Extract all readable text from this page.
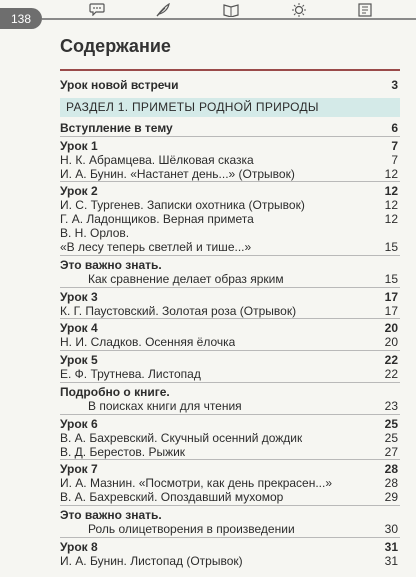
138
Содержание
Урок новой встречи	3
РАЗДЕЛ 1. ПРИМЕТЫ РОДНОЙ ПРИРОДЫ
Вступление в тему	6
Урок 1	7
Н. К. Абрамцева. Шёлковая сказка	7
И. А. Бунин. «Настанет день...» (Отрывок)	12
Урок 2	12
И. С. Тургенев. Записки охотника (Отрывок)	12
Г. А. Ладонщиков. Верная примета	12
В. Н. Орлов.
«В лесу теперь светлей и тише...»	15
Это важно знать.
Как сравнение делает образ ярким	15
Урок 3	17
К. Г. Паустовский. Золотая роза (Отрывок)	17
Урок 4	20
Н. И. Сладков. Осенняя ёлочка	20
Урок 5	22
Е. Ф. Трутнева. Листопад	22
Подробно о книге.
В поисках книги для чтения	23
Урок 6	25
В. А. Бахревский. Скучный осенний дождик	25
В. Д. Берестов. Рыжик	27
Урок 7	28
И. А. Мазнин. «Посмотри, как день прекрасен...»	28
В. А. Бахревский. Опоздавший мухомор	29
Это важно знать.
Роль олицетворения в произведении	30
Урок 8	31
И. А. Бунин. Листопад (Отрывок)	31
